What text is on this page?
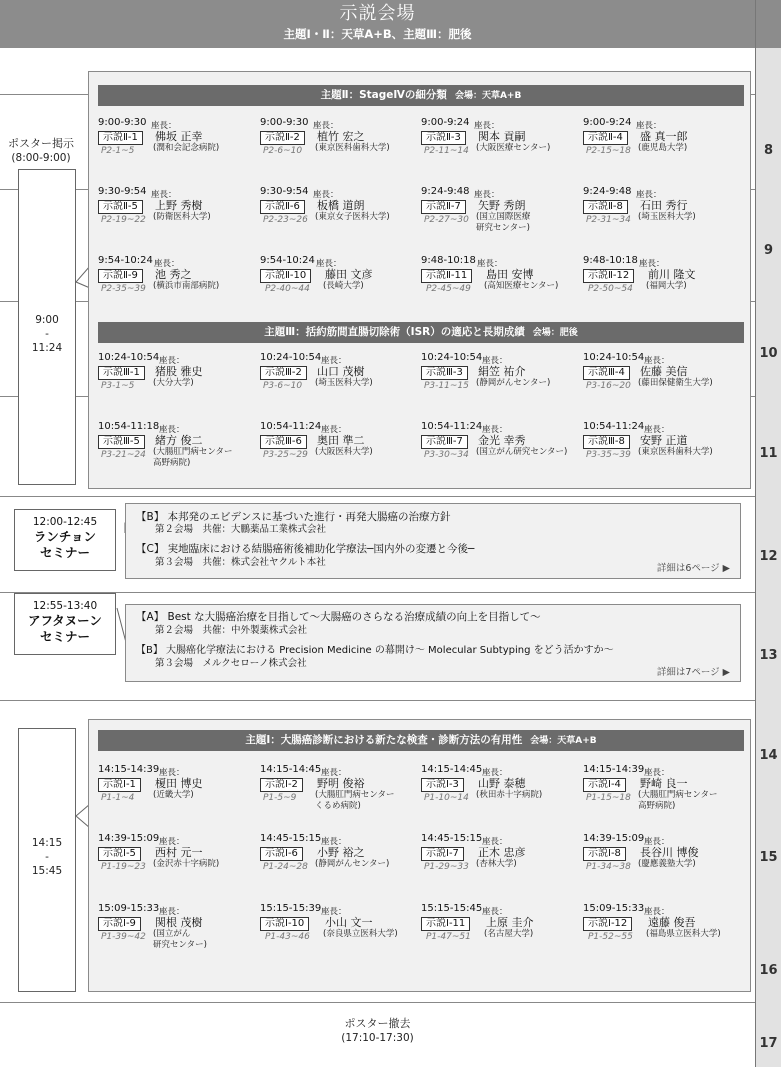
示説会場
主題Ⅰ・Ⅱ：天草A+B、主題Ⅲ：肥後
8
9
10
11
12
13
14
15
16
17
ポスター掲示
(8:00-9:00)
9:00
-
11:24
主題Ⅱ：StageⅣの細分類 会場：天草A+B
主題Ⅲ：括約筋間直腸切除術（ISR）の適応と長期成績 会場：肥後
9:00-9:30 座長：
示説Ⅱ-1	佛坂 正幸
(潤和会記念病院)
P2-1~5
9:00-9:30 座長：
示説Ⅱ-2	植竹 宏之
(東京医科歯科大学)
P2-6~10
9:00-9:24 座長：
示説Ⅱ-3	関本 貢嗣
(大阪医療センター)
P2-11~14
9:00-9:24 座長：
示説Ⅱ-4	盛 真一郎
(鹿児島大学)
P2-15~18
9:30-9:54 座長：
示説Ⅱ-5	上野 秀樹
(防衛医科大学)
P2-19~22
9:30-9:54 座長：
示説Ⅱ-6	板橋 道朗
(東京女子医科大学)
P2-23~26
9:24-9:48 座長：
示説Ⅱ-7	矢野 秀朗
(国立国際医療
研究センター)
P2-27~30
9:24-9:48 座長：
示説Ⅱ-8	石田 秀行
(埼玉医科大学)
P2-31~34
9:54-10:24 座長：
示説Ⅱ-9	池 秀之
(横浜市南部病院)
P2-35~39
9:54-10:24 座長：
示説Ⅱ-10	藤田 文彦
(長崎大学)
P2-40~44
9:48-10:18 座長：
示説Ⅱ-11	島田 安博
(高知医療センター)
P2-45~49
9:48-10:18 座長：
示説Ⅱ-12	前川 隆文
(福岡大学)
P2-50~54
10:24-10:54 座長：
示説Ⅲ-1	猪股 雅史
(大分大学)
P3-1~5
10:24-10:54 座長：
示説Ⅲ-2	山口 茂樹
(埼玉医科大学)
P3-6~10
10:24-10:54 座長：
示説Ⅲ-3	絹笠 祐介
(静岡がんセンター)
P3-11~15
10:24-10:54 座長：
示説Ⅲ-4	佐藤 美信
(藤田保健衛生大学)
P3-16~20
10:54-11:18 座長：
示説Ⅲ-5	緒方 俊二
(大腸肛門病センター
高野病院)
P3-21~24
10:54-11:24 座長：
示説Ⅲ-6	奥田 準二
(大阪医科大学)
P3-25~29
10:54-11:24 座長：
示説Ⅲ-7	金光 幸秀
(国立がん研究センター)
P3-30~34
10:54-11:24 座長：
示説Ⅲ-8	安野 正道
(東京医科歯科大学)
P3-35~39
12:00-12:45
ランチョン
セミナー
【B】 本邦発のエビデンスに基づいた進行・再発大腸癌の治療方針
第２会場　共催：大鵬薬品工業株式会社
【C】 実地臨床における結腸癌術後補助化学療法─国内外の変遷と今後─
第３会場　共催：株式会社ヤクルト本社
詳細は6ページ ▶
12:55-13:40
アフタヌーン
セミナー
【A】 Best な大腸癌治療を目指して～大腸癌のさらなる治療成績の向上を目指して～
第２会場　共催：中外製薬株式会社
【B】 大腸癌化学療法における Precision Medicine の幕開け～ Molecular Subtyping をどう活かすか～
第３会場　メルクセローノ株式会社
詳細は7ページ ▶
14:15
-
15:45
主題Ⅰ：大腸癌診断における新たな検査・診断方法の有用性 会場：天草A+B
14:15-14:39 座長：
示説Ⅰ-1	榎田 博史
(近畿大学)
P1-1~4
14:15-14:45 座長：
示説Ⅰ-2	野明 俊裕
(大腸肛門病センター
くるめ病院)
P1-5~9
14:15-14:45 座長：
示説Ⅰ-3	山野 泰穂
(秋田赤十字病院)
P1-10~14
14:15-14:39 座長：
示説Ⅰ-4	野崎 良一
(大腸肛門病センター
高野病院)
P1-15~18
14:39-15:09 座長：
示説Ⅰ-5	西村 元一
(金沢赤十字病院)
P1-19~23
14:45-15:15 座長：
示説Ⅰ-6	小野 裕之
(静岡がんセンター)
P1-24~28
14:45-15:15 座長：
示説Ⅰ-7	正木 忠彦
(杏林大学)
P1-29~33
14:39-15:09 座長：
示説Ⅰ-8	長谷川 博俊
(慶應義塾大学)
P1-34~38
15:09-15:33 座長：
示説Ⅰ-9	関根 茂樹
(国立がん
研究センター)
P1-39~42
15:15-15:39 座長：
示説Ⅰ-10	小山 文一
(奈良県立医科大学)
P1-43~46
15:15-15:45 座長：
示説Ⅰ-11	上原 圭介
(名古屋大学)
P1-47~51
15:09-15:33 座長：
示説Ⅰ-12	遠藤 俊吾
(福島県立医科大学)
P1-52~55
ポスター撤去
(17:10-17:30)
